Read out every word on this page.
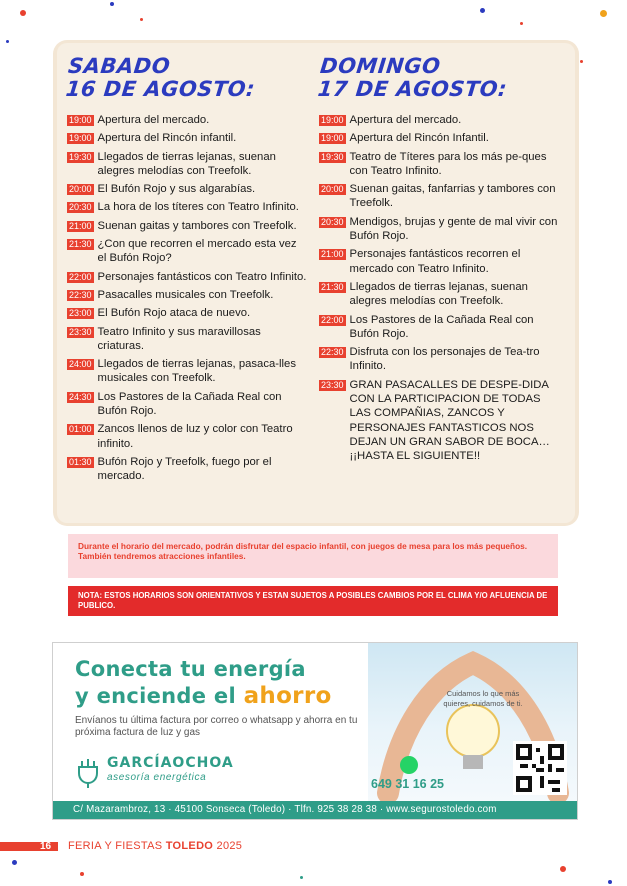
SABADO
16 DE AGOSTO:
19:00 Apertura del mercado.
19:00 Apertura del Rincón infantil.
19:30 Llegados de tierras lejanas, suenan alegres melodías con Treefolk.
20:00 El Bufón Rojo y sus algarabías.
20:30 La hora de los títeres con Teatro Infinito.
21:00 Suenan gaitas y tambores con Treefolk.
21:30 ¿Con que recorren el mercado esta vez el Bufón Rojo?
22:00 Personajes fantásticos con Teatro Infinito.
22:30 Pasacalles musicales con Treefolk.
23:00 El Bufón Rojo ataca de nuevo.
23:30 Teatro Infinito y sus maravillosas criaturas.
24:00 Llegados de tierras lejanas, pasaca-lles musicales con Treefolk.
24:30 Los Pastores de la Cañada Real con Bufón Rojo.
01:00 Zancos llenos de luz y color con Teatro infinito.
01:30 Bufón Rojo y Treefolk, fuego por el mercado.
DOMINGO
17 DE AGOSTO:
19:00 Apertura del mercado.
19:00 Apertura del Rincón Infantil.
19:30 Teatro de Títeres para los más pe-ques con Teatro Infinito.
20:00 Suenan gaitas, fanfarrias y tambores con Treefolk.
20:30 Mendigos, brujas y gente de mal vivir con Bufón Rojo.
21:00 Personajes fantásticos recorren el mercado con Teatro Infinito.
21:30 Llegados de tierras lejanas, suenan alegres melodías con Treefolk.
22:00 Los Pastores de la Cañada Real con Bufón Rojo.
22:30 Disfruta con los personajes de Tea-tro Infinito.
23:30 GRAN PASACALLES DE DESPE-DIDA CON LA PARTICIPACION DE TODAS LAS COMPAÑIAS, ZANCOS Y PERSONAJES FANTASTICOS NOS DEJAN UN GRAN SABOR DE BOCA… ¡¡HASTA EL SIGUIENTE!!
Durante el horario del mercado, podrán disfrutar del espacio infantil, con juegos de mesa para los más pequeños.
También tendremos atracciones infantiles.
NOTA: ESTOS HORARIOS SON ORIENTATIVOS Y ESTAN SUJETOS A POSIBLES CAMBIOS POR EL CLIMA Y/O AFLUENCIA DE PUBLICO.
Conecta tu energía
y enciende el ahorro
Envíanos tu última factura por correo o whatsapp y ahorra en tu próxima factura de luz y gas
GARCÍAOCHOA
asesoría energética
Cuidamos lo que más quieres, cuidamos de ti.
649 31 16 25
C/ Mazarambroz, 13 · 45100 Sonseca (Toledo) · Tlfn. 925 38 28 38 · www.segurostoledo.com
16 FERIA Y FIESTAS TOLEDO 2025
